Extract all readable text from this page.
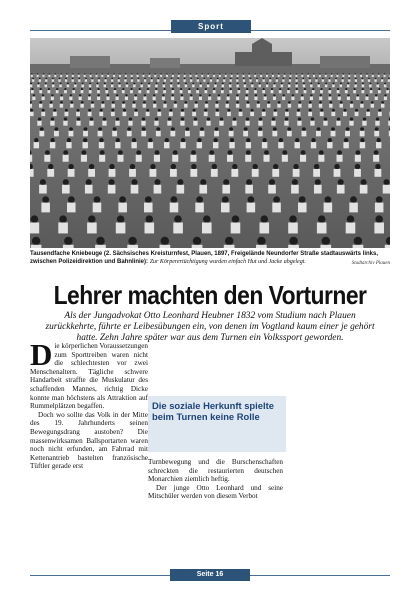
Sport
Tausendfache Kniebeuge (2. Sächsisches Kreisturnfest, Plauen, 1897, Freigelände Neundorfer Straße stadtauswärts links, zwischen Polizeidirektion und Bahnlinie): Zur Körperertüchtigung wurden einfach Hut und Jacke abgelegt.	Stadtarchiv Plauen
Lehrer machten den Vorturner
Als der Jungadvokat Otto Leonhard Heubner 1832 vom Studium nach Plauen zurückkehrte, führte er Leibesübungen ein, von denen im Vogtland kaum einer je gehört hatte. Zehn Jahre später war aus dem Turnen ein Volkssport geworden.

Die körperlichen Voraussetzungen zum Sporttreiben waren nicht die schlechtesten vor zwei Menschenaltern. Tägliche schwere Handarbeit straffte die Muskulatur des schaffenden Mannes, richtig Dicke konnte man höchstens als Attraktion auf Rummelplätzen begaffen.

Doch wo sollte das Volk in der Mitte des 19. Jahrhunderts seinen Bewegungsdrang austoben? Die massenwirksamen Ballsportarten waren noch nicht erfunden, am Fahrrad mit Kettenantrieb bastelten französische Tüftler gerade erst

Die soziale Herkunft spielte beim Turnen keine Rolle

Turnbewegung und die Burschenschaften schreckten die restaurierten deutschen Monarchien ziemlich heftig.

Der junge Otto Leonhard und seine Mitschüler werden von diesem Verbot

Seite 16
